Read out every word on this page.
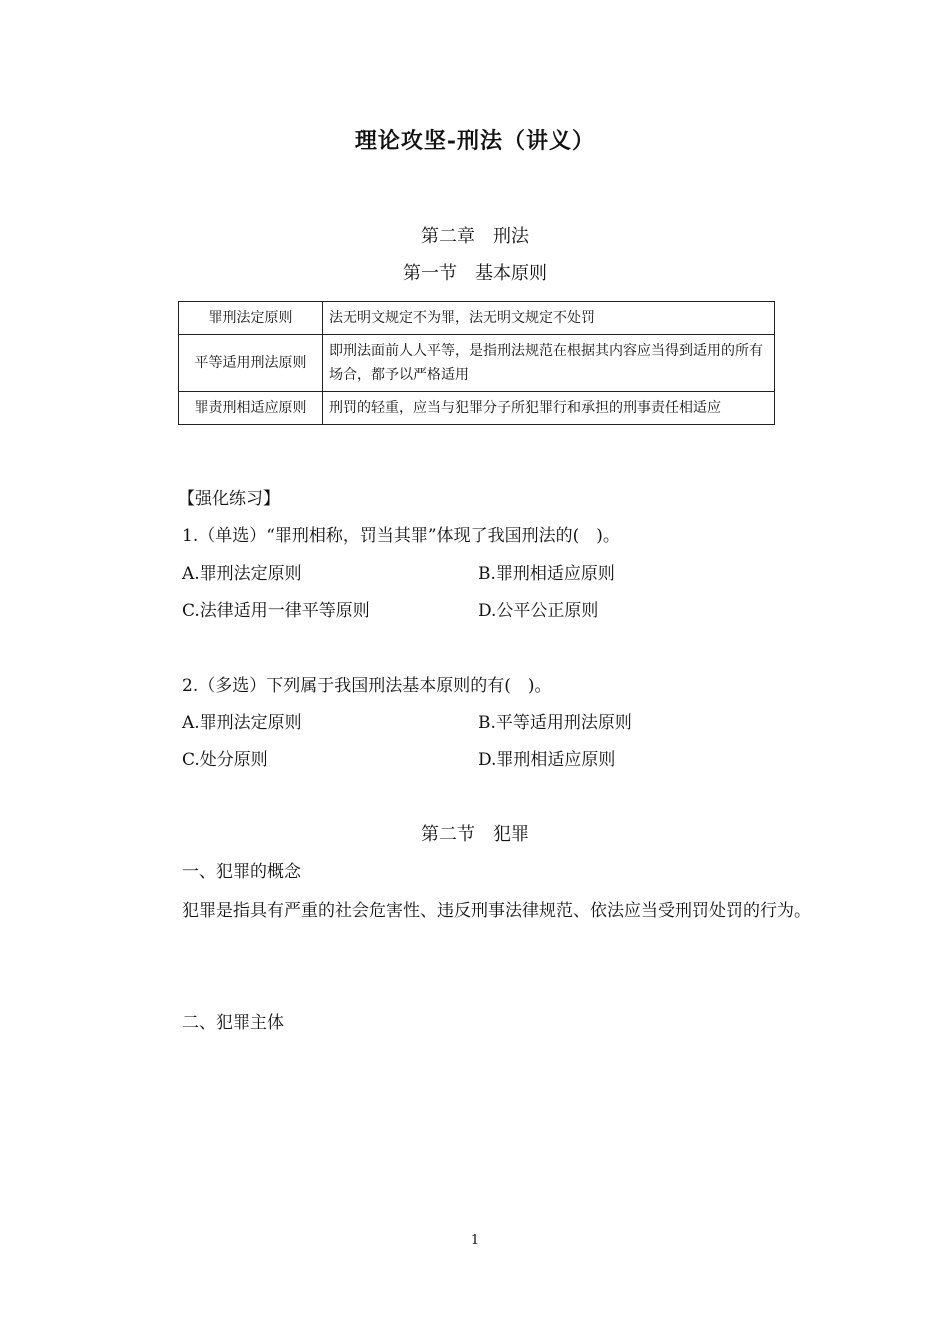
理论攻坚-刑法（讲义）
第二章　刑法
第一节　基本原则
罪刑法定原则	法无明文规定不为罪，法无明文规定不处罚
平等适用刑法原则	即刑法面前人人平等，是指刑法规范在根据其内容应当得到适用的所有场合，都予以严格适用
罪责刑相适应原则	刑罚的轻重，应当与犯罪分子所犯罪行和承担的刑事责任相适应
【强化练习】
1.（单选）“罪刑相称，罚当其罪”体现了我国刑法的(　)。
A.罪刑法定原则	B.罪刑相适应原则
C.法律适用一律平等原则	D.公平公正原则
2.（多选）下列属于我国刑法基本原则的有(　)。
A.罪刑法定原则	B.平等适用刑法原则
C.处分原则	D.罪刑相适应原则
第二节　犯罪
一、犯罪的概念
犯罪是指具有严重的社会危害性、违反刑事法律规范、依法应当受刑罚处罚的行为。
二、犯罪主体
1
